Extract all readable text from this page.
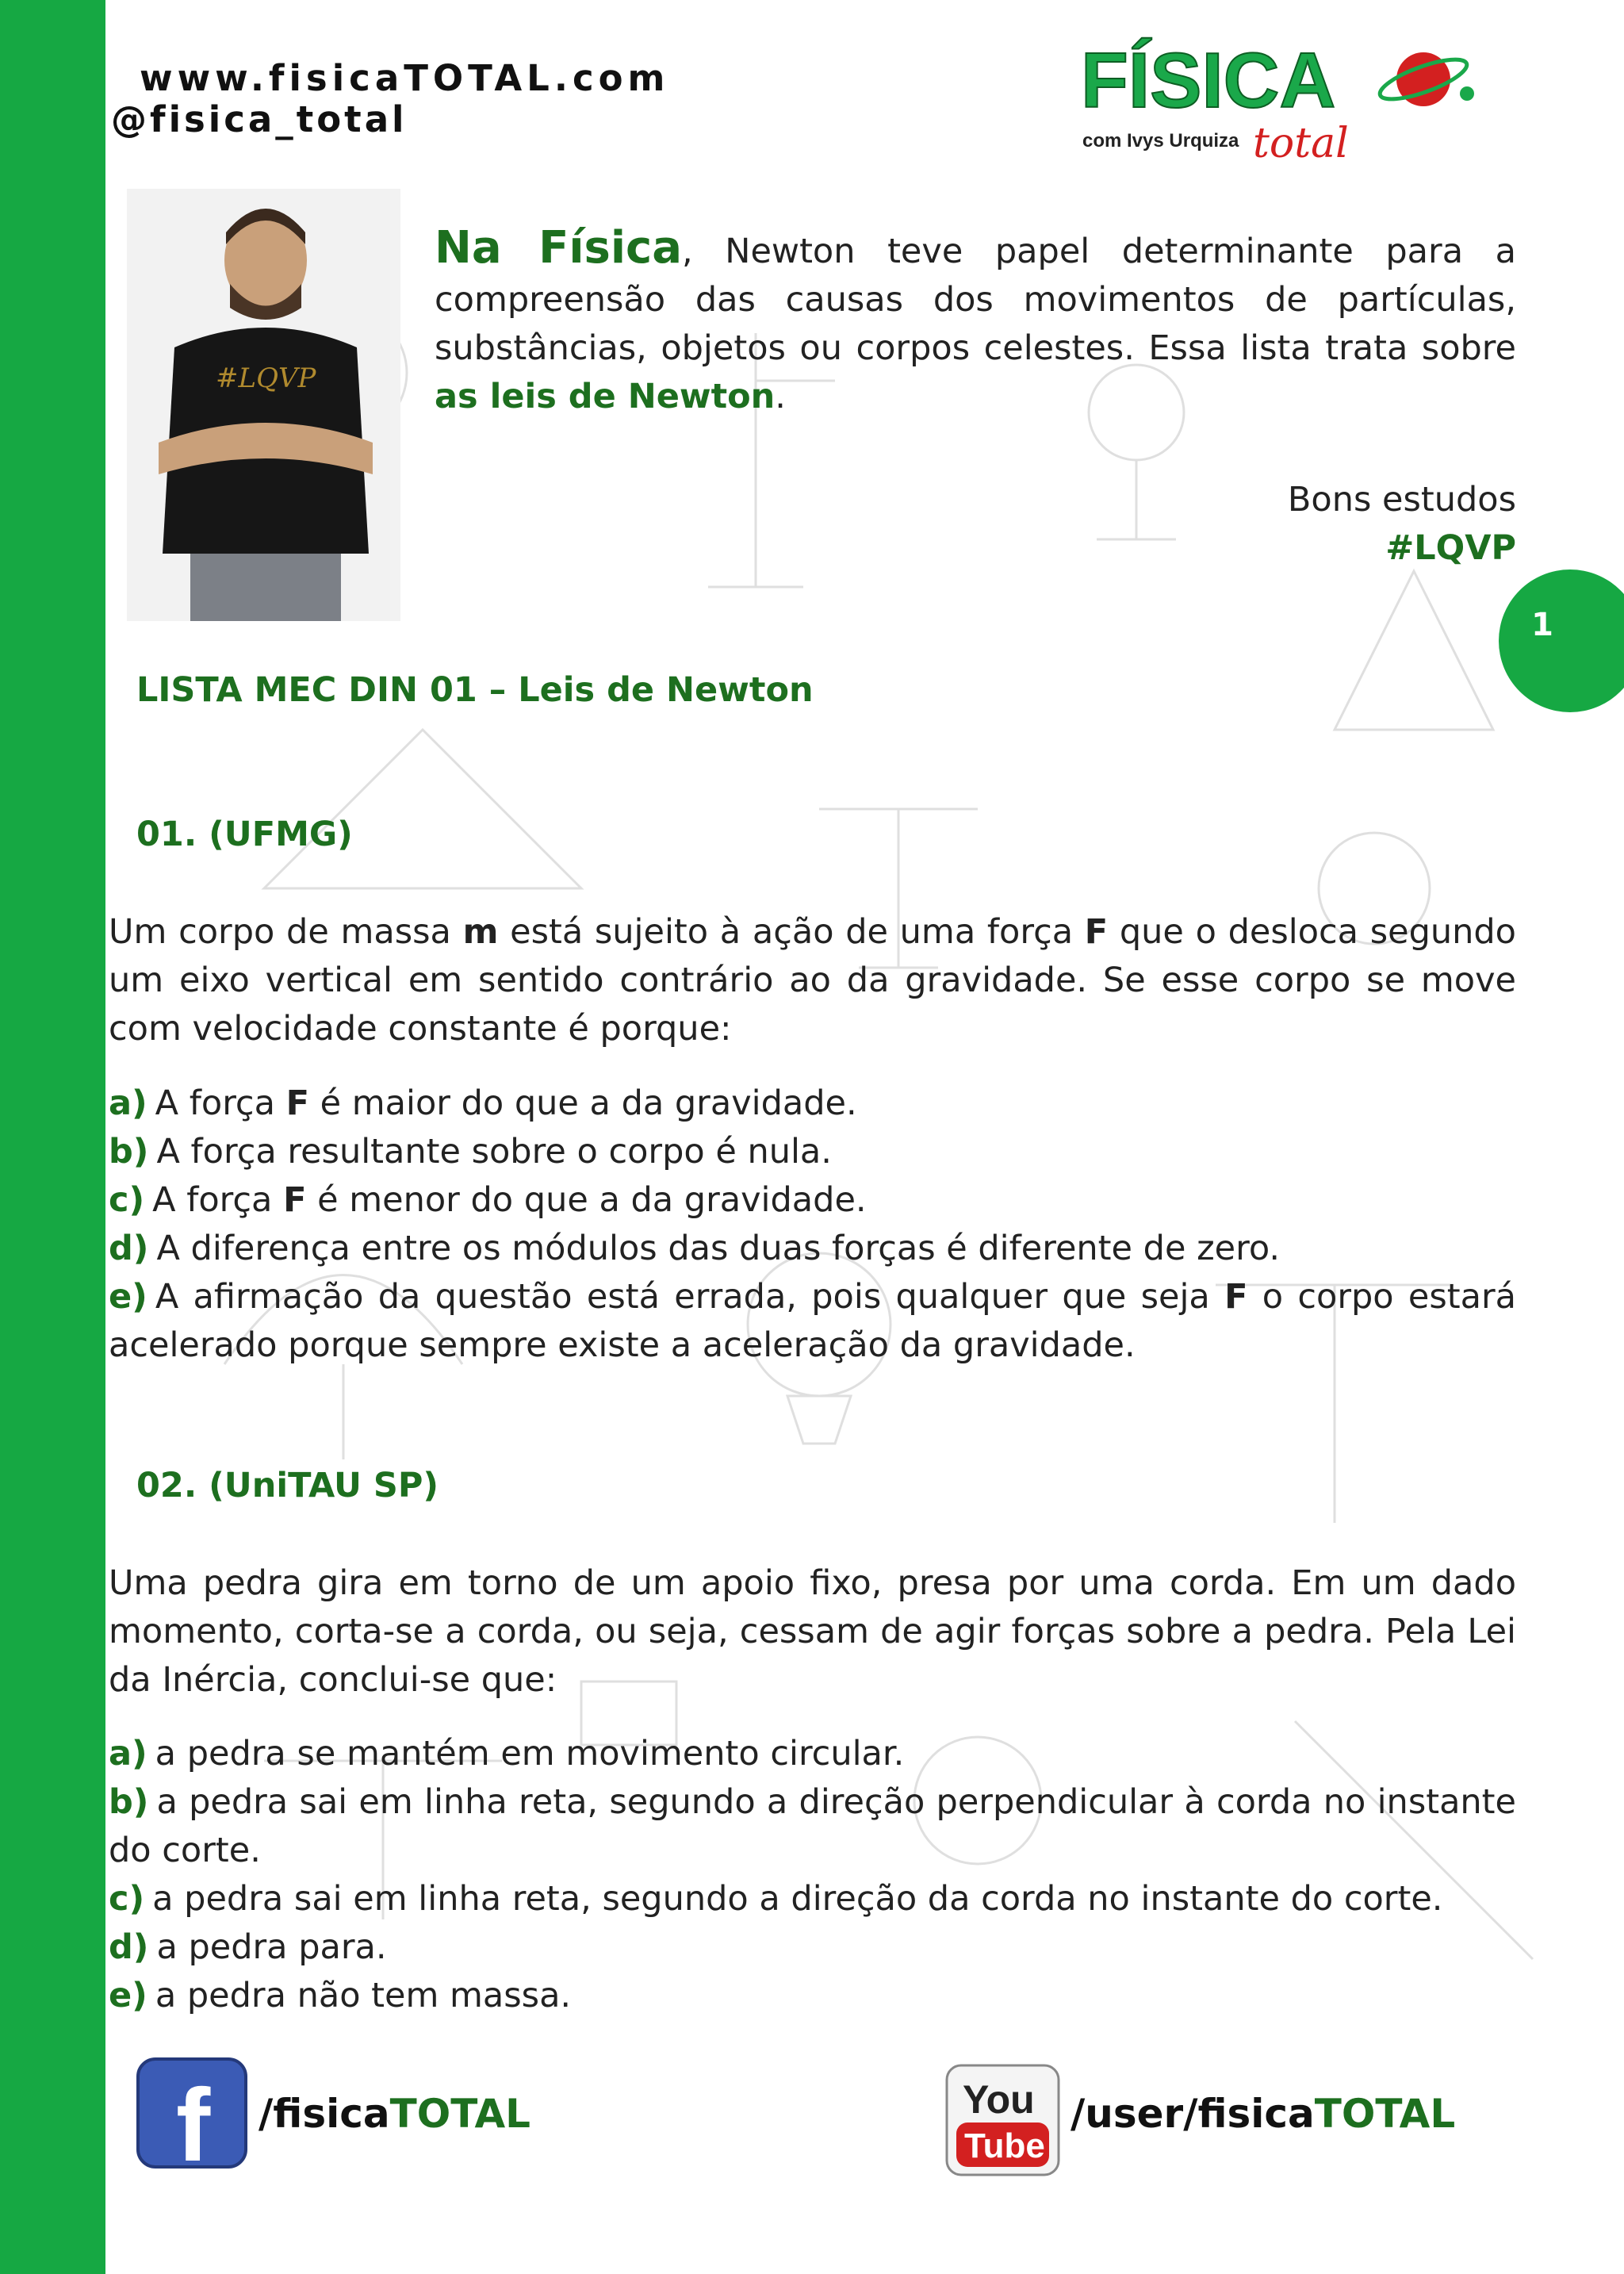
www.fisicaTOTAL.com
@fisica_total	FÍSICA
com Ivys Urquiza total
#LQVP
Na Física, Newton teve papel determinante para a compreensão das causas dos movimentos de partículas, substâncias, objetos ou corpos celestes. Essa lista trata sobre as leis de Newton.
Bons estudos
#LQVP
1
LISTA MEC DIN 01 – Leis de Newton
01. (UFMG)
Um corpo de massa m está sujeito à ação de uma força F que o desloca segundo um eixo vertical em sentido contrário ao da gravidade. Se esse corpo se move com velocidade constante é porque:
a) A força F é maior do que a da gravidade.
b) A força resultante sobre o corpo é nula.
c) A força F é menor do que a da gravidade.
d) A diferença entre os módulos das duas forças é diferente de zero.
e) A afirmação da questão está errada, pois qualquer que seja F o corpo estará acelerado porque sempre existe a aceleração da gravidade.
02. (UniTAU SP)
Uma pedra gira em torno de um apoio fixo, presa por uma corda. Em um dado momento, corta-se a corda, ou seja, cessam de agir forças sobre a pedra. Pela Lei da Inércia, conclui-se que:
a) a pedra se mantém em movimento circular.
b) a pedra sai em linha reta, segundo a direção perpendicular à corda no instante do corte.
c) a pedra sai em linha reta, segundo a direção da corda no instante do corte.
d) a pedra para.
e) a pedra não tem massa.
f /fisicaTOTAL	You
Tube
/user/fisicaTOTAL
